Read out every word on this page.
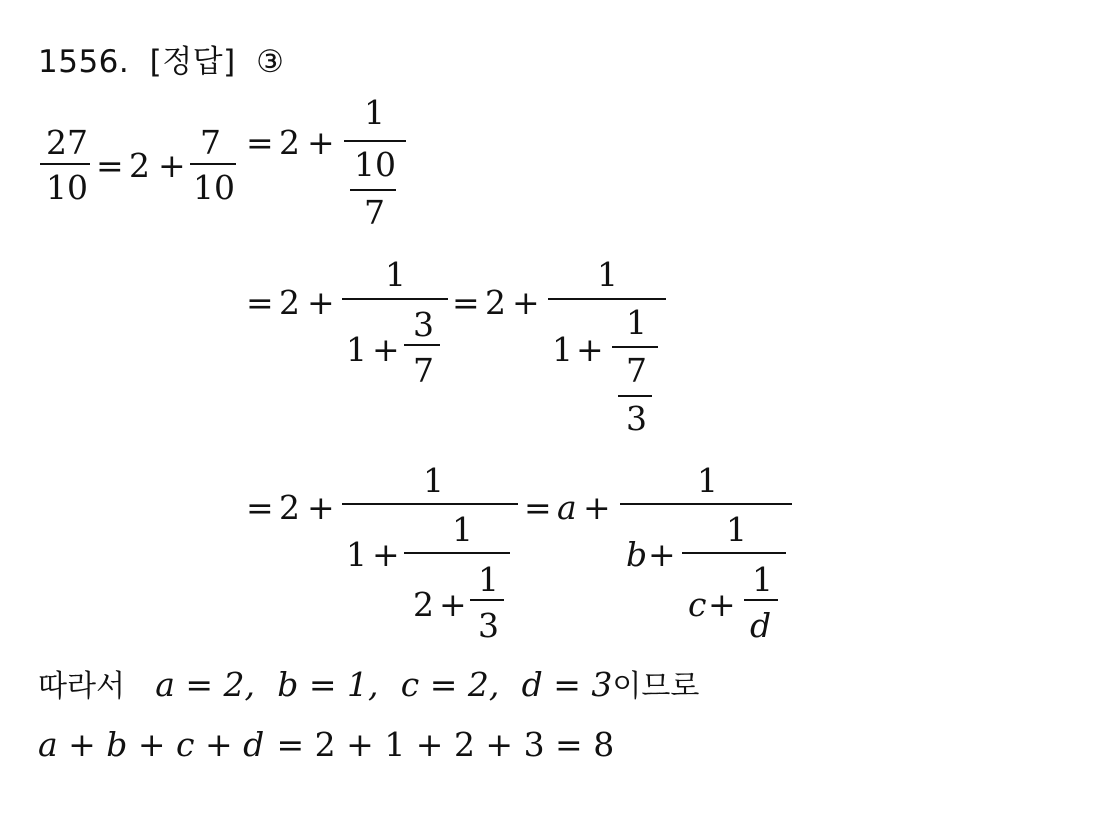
1556. [정답] ③
27
10
= 2 +
7
10
= 2 +
1
10
7
= 2 +
1
1 +
3
7
= 2 +
1
1 +
1
7
3
= 2 +
1
1 +
1
2 +
1
3
= a +
1
b +
1
c +
1
d
따라서 a = 2, b = 1, c = 2, d = 3이므로
a + b + c + d = 2 + 1 + 2 + 3 = 8
